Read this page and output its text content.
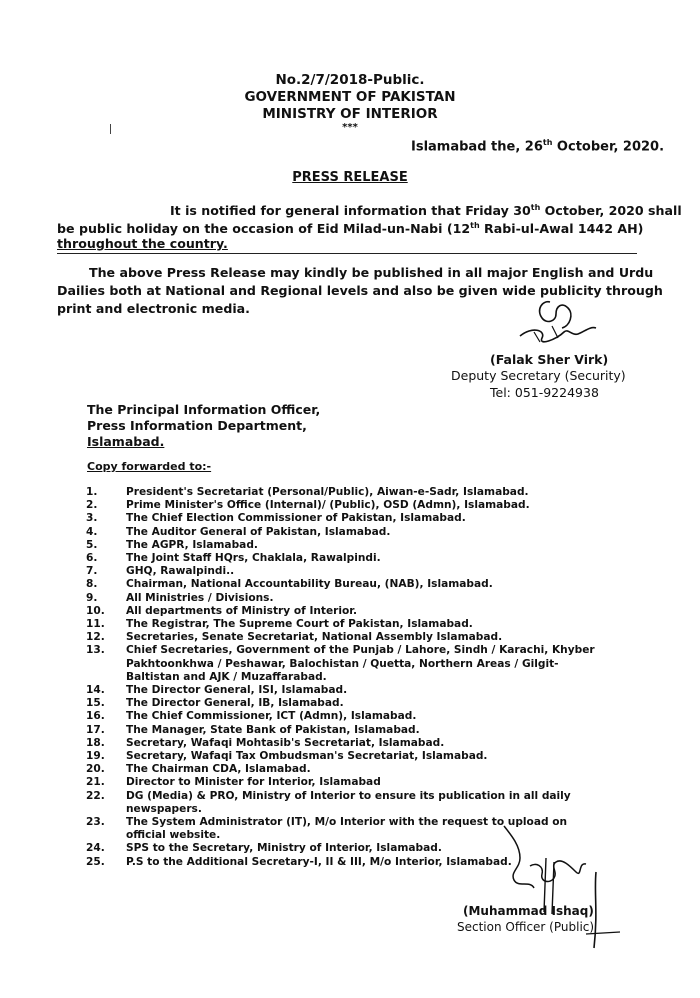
No.2/7/2018-Public.
GOVERNMENT OF PAKISTAN
MINISTRY OF INTERIOR
***
Islamabad the, 26th October, 2020.
PRESS RELEASE
It is notified for general information that Friday 30th October, 2020 shall
be public holiday on the occasion of Eid Milad-un-Nabi (12th Rabi-ul-Awal 1442 AH)
throughout the country.
The above Press Release may kindly be published in all major English and Urdu
Dailies both at National and Regional levels and also be given wide publicity through
print and electronic media.
(Falak Sher Virk)
Deputy Secretary (Security)
Tel: 051-9224938
The Principal Information Officer,
Press Information Department,
Islamabad.
Copy forwarded to:-
1.	President's Secretariat (Personal/Public), Aiwan-e-Sadr, Islamabad.
2.	Prime Minister's Office (Internal)/ (Public), OSD (Admn), Islamabad.
3.	The Chief Election Commissioner of Pakistan, Islamabad.
4.	The Auditor General of Pakistan, Islamabad.
5.	The AGPR, Islamabad.
6.	The Joint Staff HQrs, Chaklala, Rawalpindi.
7.	GHQ, Rawalpindi..
8.	Chairman, National Accountability Bureau, (NAB), Islamabad.
9.	All Ministries / Divisions.
10.	All departments of Ministry of Interior.
11.	The Registrar, The Supreme Court of Pakistan, Islamabad.
12.	Secretaries, Senate Secretariat, National Assembly Islamabad.
13.	Chief Secretaries, Government of the Punjab / Lahore, Sindh / Karachi, Khyber Pakhtoonkhwa / Peshawar, Balochistan / Quetta, Northern Areas / Gilgit-Baltistan and AJK / Muzaffarabad.
14.	The Director General, ISI, Islamabad.
15.	The Director General, IB, Islamabad.
16.	The Chief Commissioner, ICT (Admn), Islamabad.
17.	The Manager, State Bank of Pakistan, Islamabad.
18.	Secretary, Wafaqi Mohtasib's Secretariat, Islamabad.
19.	Secretary, Wafaqi Tax Ombudsman's Secretariat, Islamabad.
20.	The Chairman CDA, Islamabad.
21.	Director to Minister for Interior, Islamabad
22.	DG (Media) & PRO, Ministry of Interior to ensure its publication in all daily newspapers.
23.	The System Administrator (IT), M/o Interior with the request to upload on official website.
24.	SPS to the Secretary, Ministry of Interior, Islamabad.
25.	P.S to the Additional Secretary-I, II & III, M/o Interior, Islamabad.
(Muhammad Ishaq)
Section Officer (Public)
